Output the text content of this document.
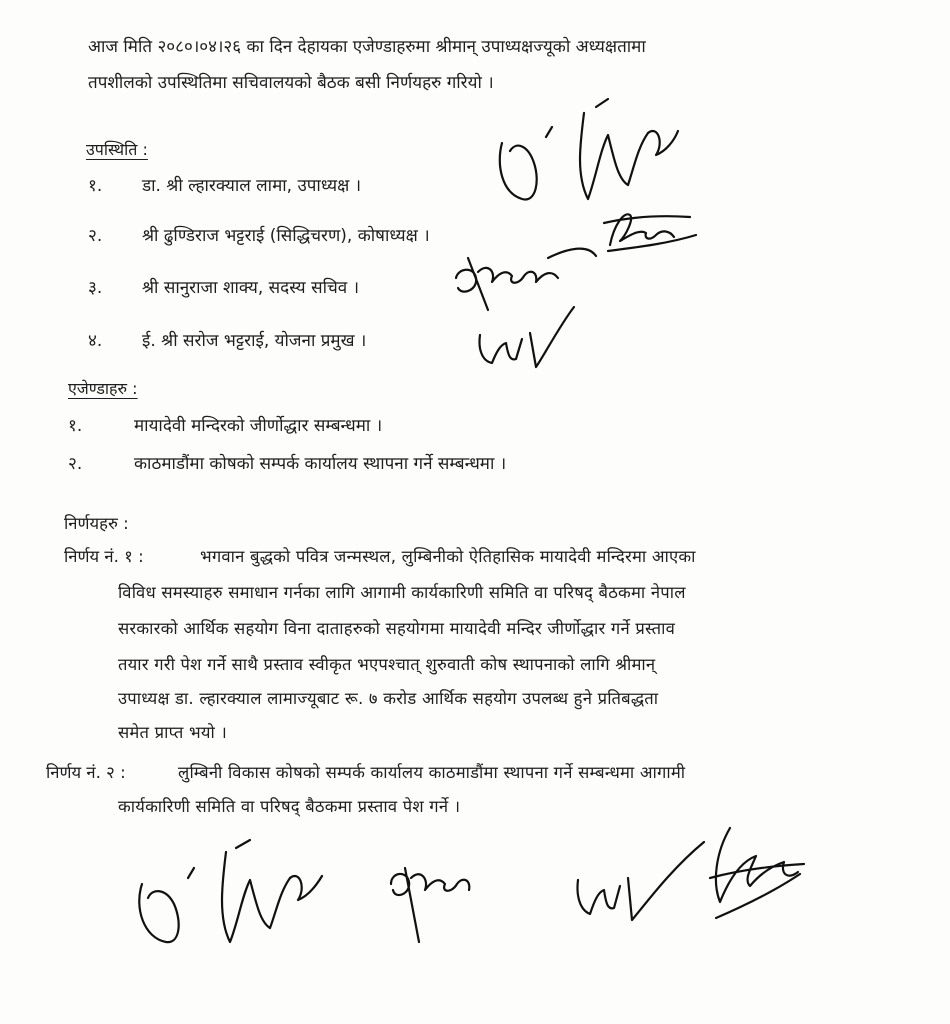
आज मिति २०८०।०४।२६ का दिन देहायका एजेण्डाहरुमा श्रीमान् उपाध्यक्षज्यूको अध्यक्षतामा
तपशीलको उपस्थितिमा सचिवालयको बैठक बसी निर्णयहरु गरियो ।
उपस्थिति :
१. डा. श्री ल्हारक्याल लामा, उपाध्यक्ष ।
२. श्री ढुण्डिराज भट्टराई (सिद्धिचरण), कोषाध्यक्ष ।
३. श्री सानुराजा शाक्य, सदस्य सचिव ।
४. ई. श्री सरोज भट्टराई, योजना प्रमुख ।
एजेण्डाहरु :
१.	मायादेवी मन्दिरको जीर्णोद्धार सम्बन्धमा ।
२.	काठमाडौंमा कोषको सम्पर्क कार्यालय स्थापना गर्ने सम्बन्धमा ।
निर्णयहरु :
निर्णय नं. १ :	भगवान बुद्धको पवित्र जन्मस्थल, लुम्बिनीको ऐतिहासिक मायादेवी मन्दिरमा आएका
विविध समस्याहरु समाधान गर्नका लागि आगामी कार्यकारिणी समिति वा परिषद् बैठकमा नेपाल
सरकारको आर्थिक सहयोग विना दाताहरुको सहयोगमा मायादेवी मन्दिर जीर्णोद्धार गर्ने प्रस्ताव
तयार गरी पेश गर्ने साथै प्रस्ताव स्वीकृत भएपश्चात् शुरुवाती कोष स्थापनाको लागि श्रीमान्
उपाध्यक्ष डा. ल्हारक्याल लामाज्यूबाट रू. ७ करोड आर्थिक सहयोग उपलब्ध हुने प्रतिबद्धता
समेत प्राप्त भयो ।
निर्णय नं. २ :	लुम्बिनी विकास कोषको सम्पर्क कार्यालय काठमाडौंमा स्थापना गर्ने सम्बन्धमा आगामी
कार्यकारिणी समिति वा परिषद् बैठकमा प्रस्ताव पेश गर्ने ।
